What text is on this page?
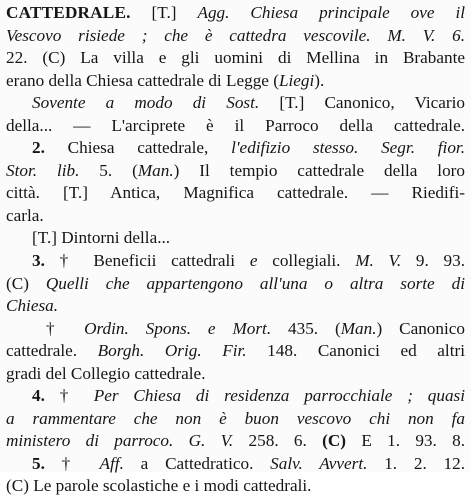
CATTEDRALE. [T.] Agg. Chiesa principale ove il
Vescovo risiede ; che è cattedra vescovile. M. V. 6.
22. (C) La villa e gli uomini di Mellina in Brabante
erano della Chiesa cattedrale di Legge (Liegi).
Sovente a modo di Sost. [T.] Canonico, Vicario
della... — L'arciprete è il Parroco della cattedrale.
2. Chiesa cattedrale, l'edifizio stesso. Segr. fior.
Stor. lib. 5. (Man.) Il tempio cattedrale della loro
città. [T.] Antica, Magnifica cattedrale. — Riedifi-
carla.
[T.] Dintorni della...
3. † Beneficii cattedrali e collegiali. M. V. 9. 93.
(C) Quelli che appartengono all'una o altra sorte di
Chiesa.
† Ordin. Spons. e Mort. 435. (Man.) Canonico
cattedrale. Borgh. Orig. Fir. 148. Canonici ed altri
gradi del Collegio cattedrale.
4. † Per Chiesa di residenza parrocchiale ; quasi
a rammentare che non è buon vescovo chi non fa
ministero di parroco. G. V. 258. 6. (C) E 1. 93. 8.
5. † Aff. a Cattedratico. Salv. Avvert. 1. 2. 12.
(C) Le parole scolastiche e i modi cattedrali.
